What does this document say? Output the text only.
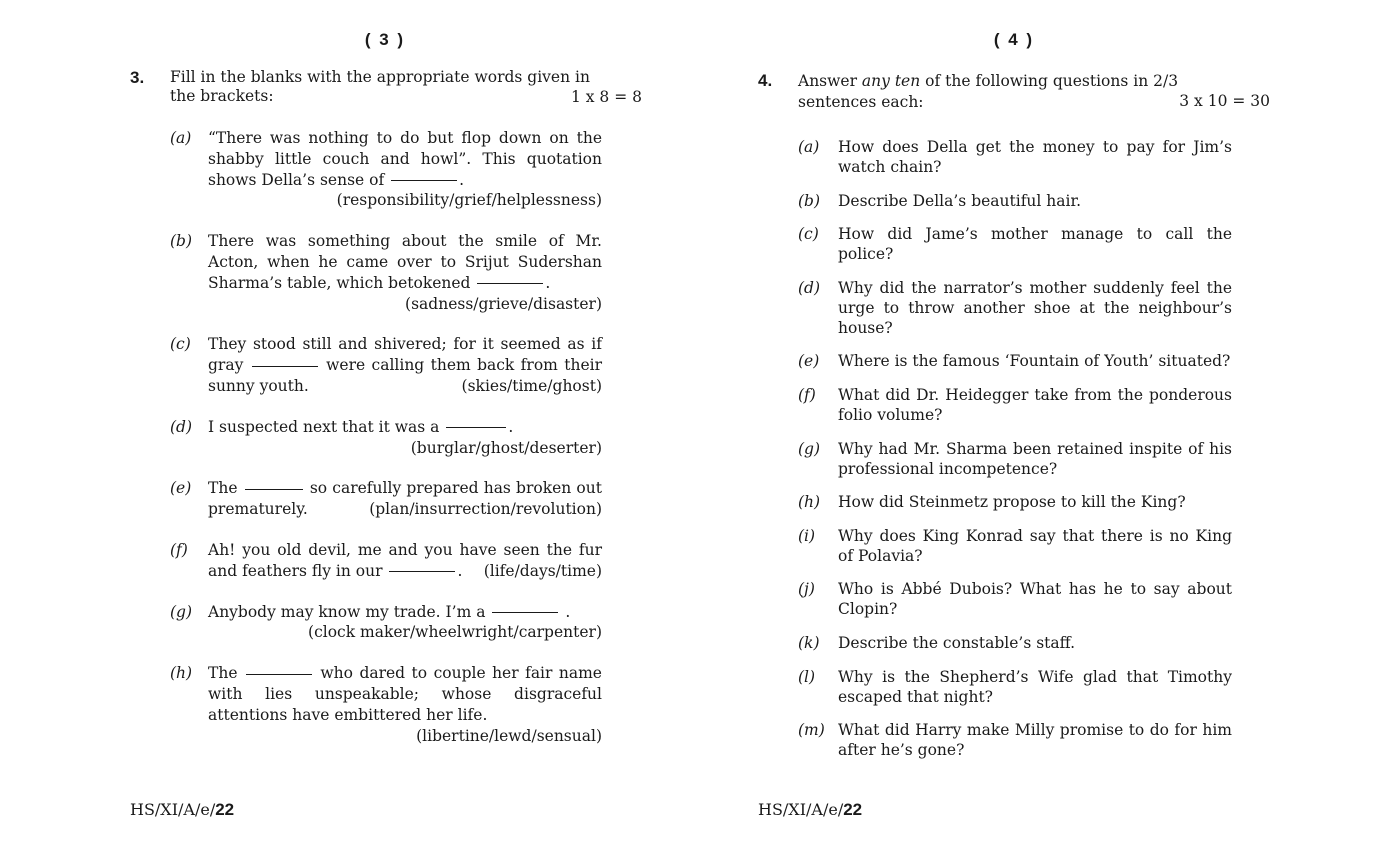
( 3 )
3. Fill in the blanks with the appropriate words given in the brackets:	1 x 8 = 8
(a) “There was nothing to do but flop down on the shabby little couch and howl”. This quotation shows Della’s sense of	.
(responsibility/grief/helplessness)
(b) There was something about the smile of Mr. Acton, when he came over to Srijut Sudershan Sharma’s table, which betokened	.
(sadness/grieve/disaster)
(c) They stood still and shivered; for it seemed as if gray	were calling them back from their sunny youth.	(skies/time/ghost)
(d) I suspected next that it was a	.
(burglar/ghost/deserter)
(e) The	so carefully prepared has broken out prematurely.	(plan/insurrection/revolution)
(f) Ah! you old devil, me and you have seen the fur and feathers fly in our	. (life/days/time)
(g) Anybody may know my trade. I’m a	.
(clock maker/wheelwright/carpenter)
(h) The	who dared to couple her fair name with lies unspeakable; whose disgraceful attentions have embittered her life.
(libertine/lewd/sensual)
HS/XI/A/e/22
( 4 )
4. Answer any ten of the following questions in 2/3 sentences each:	3 x 10 = 30
(a) How does Della get the money to pay for Jim’s watch chain?
(b) Describe Della’s beautiful hair.
(c) How did Jame’s mother manage to call the police?
(d) Why did the narrator’s mother suddenly feel the urge to throw another shoe at the neighbour’s house?
(e) Where is the famous ‘Fountain of Youth’ situated?
(f) What did Dr. Heidegger take from the ponderous folio volume?
(g) Why had Mr. Sharma been retained inspite of his professional incompetence?
(h) How did Steinmetz propose to kill the King?
(i) Why does King Konrad say that there is no King of Polavia?
(j) Who is Abbé Dubois? What has he to say about Clopin?
(k) Describe the constable’s staff.
(l) Why is the Shepherd’s Wife glad that Timothy escaped that night?
(m) What did Harry make Milly promise to do for him after he’s gone?
HS/XI/A/e/22
